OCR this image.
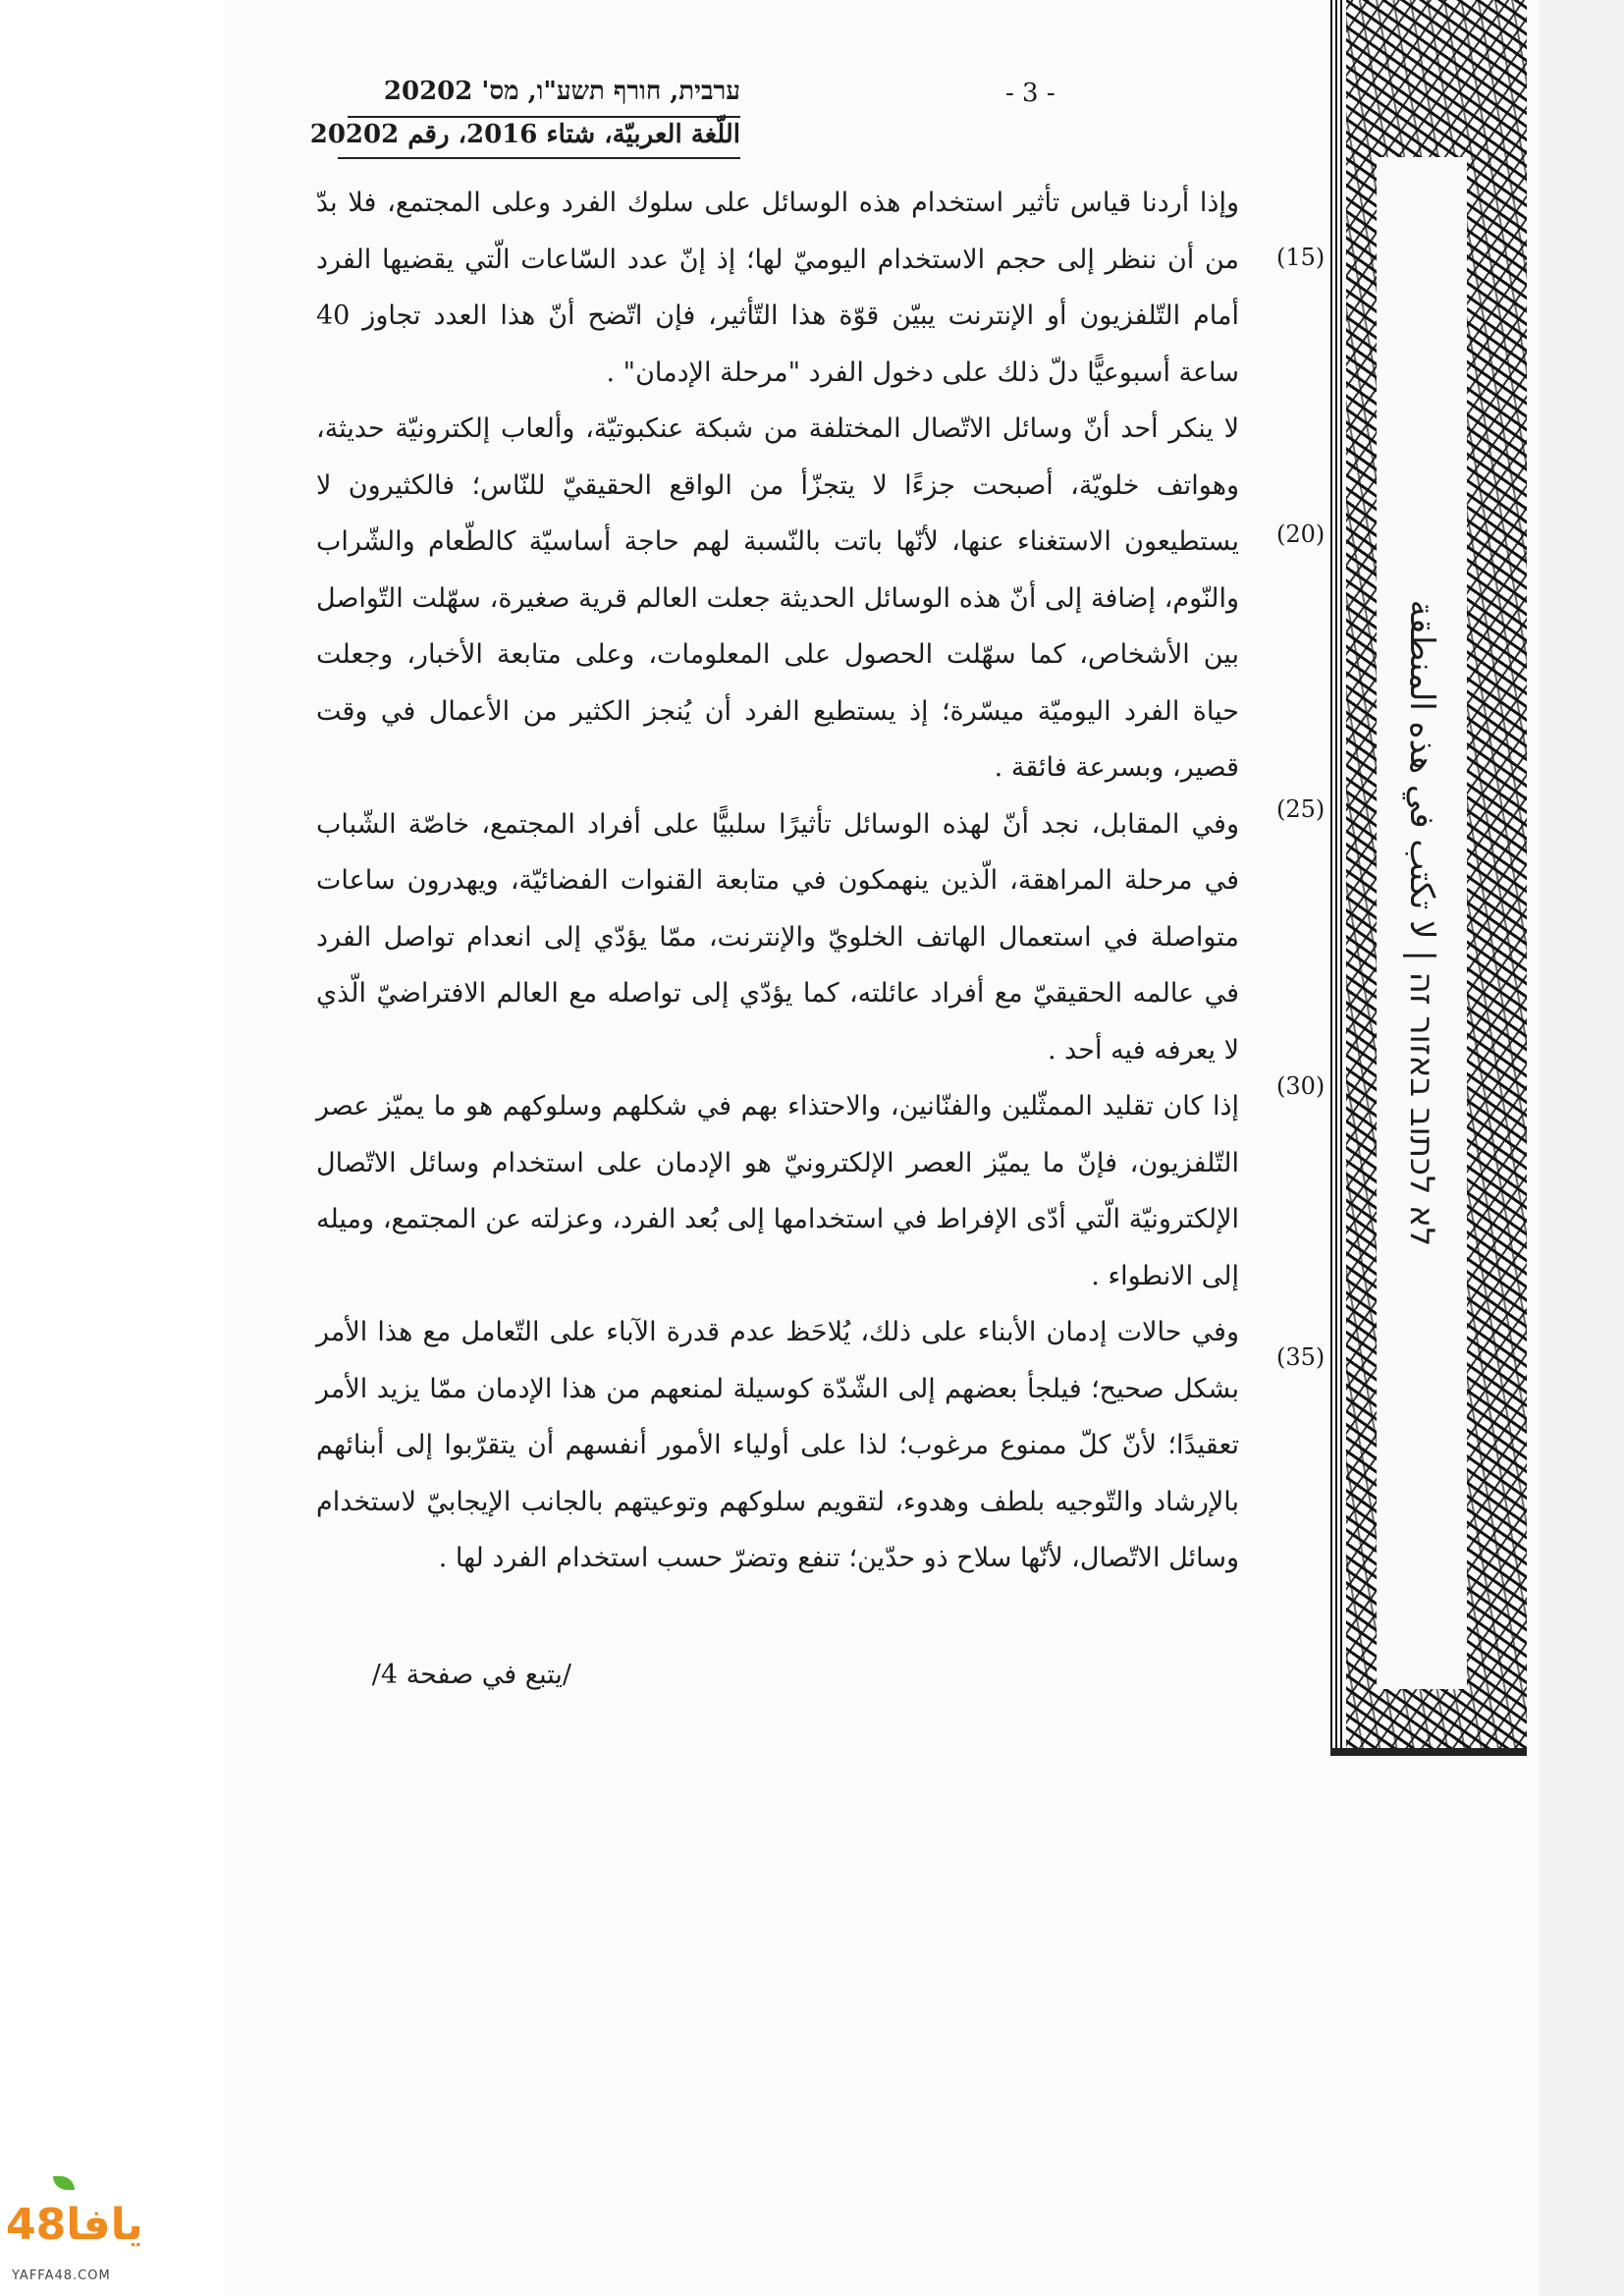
ערבית, חורף תשע"ו, מס' 20202
اللّغة العربيّة، شتاء 2016، رقم 20202
- 3 -
(15)
(20)
(25)
(30)
(35)

وإذا أردنا قياس تأثير استخدام هذه الوسائل على سلوك الفرد وعلى المجتمع، فلا بدّ من أن ننظر إلى حجم الاستخدام اليوميّ لها؛ إذ إنّ عدد السّاعات الّتي يقضيها الفرد أمام التّلفزيون أو الإنترنت يبيّن قوّة هذا التّأثير، فإن اتّضح أنّ هذا العدد تجاوز 40 ساعة أسبوعيًّا دلّ ذلك على دخول الفرد "مرحلة الإدمان" .

لا ينكر أحد أنّ وسائل الاتّصال المختلفة من شبكة عنكبوتيّة، وألعاب إلكترونيّة حديثة، وهواتف خلويّة، أصبحت جزءًا لا يتجزّأ من الواقع الحقيقيّ للنّاس؛ فالكثيرون لا يستطيعون الاستغناء عنها، لأنّها باتت بالنّسبة لهم حاجة أساسيّة كالطّعام والشّراب والنّوم، إضافة إلى أنّ هذه الوسائل الحديثة جعلت العالم قرية صغيرة، سهّلت التّواصل بين الأشخاص، كما سهّلت الحصول على المعلومات، وعلى متابعة الأخبار، وجعلت حياة الفرد اليوميّة ميسّرة؛ إذ يستطيع الفرد أن يُنجز الكثير من الأعمال في وقت قصير، وبسرعة فائقة .

وفي المقابل، نجد أنّ لهذه الوسائل تأثيرًا سلبيًّا على أفراد المجتمع، خاصّة الشّباب في مرحلة المراهقة، الّذين ينهمكون في متابعة القنوات الفضائيّة، ويهدرون ساعات متواصلة في استعمال الهاتف الخلويّ والإنترنت، ممّا يؤدّي إلى انعدام تواصل الفرد في عالمه الحقيقيّ مع أفراد عائلته، كما يؤدّي إلى تواصله مع العالم الافتراضيّ الّذي لا يعرفه فيه أحد .

إذا كان تقليد الممثّلين والفنّانين، والاحتذاء بهم في شكلهم وسلوكهم هو ما يميّز عصر التّلفزيون، فإنّ ما يميّز العصر الإلكترونيّ هو الإدمان على استخدام وسائل الاتّصال الإلكترونيّة الّتي أدّى الإفراط في استخدامها إلى بُعد الفرد، وعزلته عن المجتمع، وميله إلى الانطواء .

وفي حالات إدمان الأبناء على ذلك، يُلاحَظ عدم قدرة الآباء على التّعامل مع هذا الأمر بشكل صحيح؛ فيلجأ بعضهم إلى الشّدّة كوسيلة لمنعهم من هذا الإدمان ممّا يزيد الأمر تعقيدًا؛ لأنّ كلّ ممنوع مرغوب؛ لذا على أولياء الأمور أنفسهم أن يتقرّبوا إلى أبنائهم بالإرشاد والتّوجيه بلطف وهدوء، لتقويم سلوكهم وتوعيتهم بالجانب الإيجابيّ لاستخدام وسائل الاتّصال، لأنّها سلاح ذو حدّين؛ تنفع وتضرّ حسب استخدام الفرد لها .

/يتبع في صفحة 4/
לא לכתוב באזור זה | لا تكتب في هذه المنطقة
يافا48
YAFFA48.COM
